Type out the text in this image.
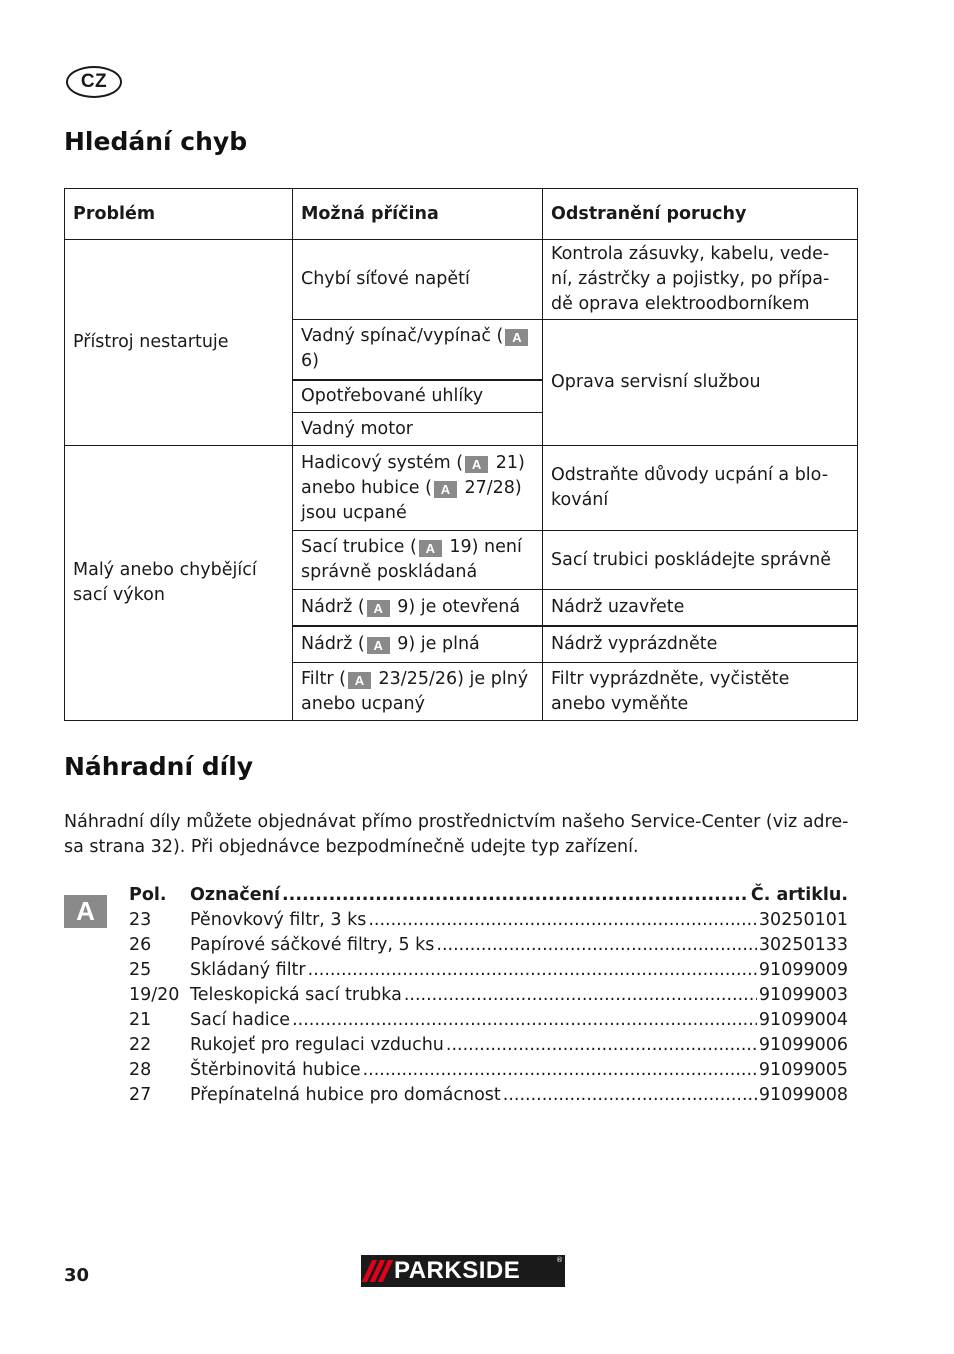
CZ
Hledání chyb
Problém	Možná příčina	Odstranění poruchy
Přístroj nestartuje	Chybí síťové napětí	Kontrola zásuvky, kabelu, vede-ní, zástrčky a pojistky, po přípa-dě oprava elektroodborníkem
	Vadný spínač/vypínač ( A 6)	Oprava servisní službou
	Opotřebované uhlíky	
	Vadný motor	
Malý anebo chybějící sací výkon	Hadicový systém ( A 21) anebo hubice ( A 27/28) jsou ucpané	Odstraňte důvody ucpání a blo-kování
	Sací trubice ( A 19) není správně poskládaná	Sací trubici poskládejte správně
	Nádrž ( A 9) je otevřená	Nádrž uzavřete
	Nádrž ( A 9) je plná	Nádrž vyprázdněte
	Filtr ( A 23/25/26) je plný anebo ucpaný	Filtr vyprázdněte, vyčistěte anebo vyměňte
Náhradní díly

Náhradní díly můžete objednávat přímo prostřednictvím našeho Service-Center (viz adre-sa strana 32). Při objednávce bezpodmínečně udejte typ zařízení.

A
Pol.	Označení .....	Č. artiklu.
23	Pěnovkový filtr, 3 ks .....	30250101
26	Papírové sáčkové filtry, 5 ks .....	30250133
25	Skládaný filtr .....	91099009
19/20 Teleskopická sací trubka .....	91099003
21	Sací hadice .....	91099004
22	Rukojeť pro regulaci vzduchu .....	91099006
28	Štěrbinovitá hubice .....	91099005
27	Přepínatelná hubice pro domácnost .....	91099008
30	PARKSIDE	®
